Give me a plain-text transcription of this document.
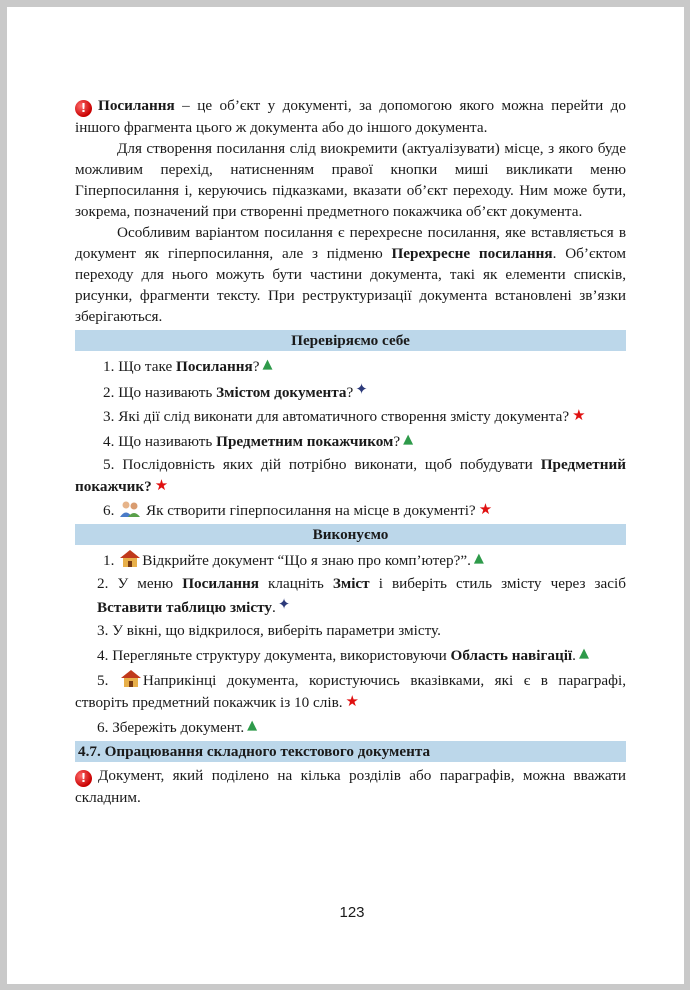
! Посилання – це об’єкт у документі, за допомогою якого можна перейти до іншого фрагмента цього ж документа або до іншого документа.

Для створення посилання слід виокремити (актуалізувати) місце, з якого буде можливим перехід, натисненням правої кнопки миші викликати меню Гіперпосилання і, керуючись підказками, вказати об’єкт переходу. Ним може бути, зокрема, позначений при створенні предметного покажчика об’єкт документа.

Особливим варіантом посилання є перехресне посилання, яке вставляється в документ як гіперпосилання, але з підменю Перехресне посилання. Об’єктом переходу для нього можуть бути частини документа, такі як елементи списків, рисунки, фрагменти тексту. При реструктуризації документа встановлені зв’язки зберігаються.

Перевіряємо себе
1. Що таке Посилання? ▲
2. Що називають Змістом документа? ✦
3. Які дії слід виконати для автоматичного створення змісту документа? ★
4. Що називають Предметним покажчиком? ▲
5. Послідовність яких дій потрібно виконати, щоб побудувати Предметний покажчик? ★
6. Як створити гіперпосилання на місце в документі? ★
Виконуємо
1. Відкрийте документ “Що я знаю про комп’ютер?”. ▲
2. У меню Посилання клацніть Зміст і виберіть стиль змісту через засіб Вставити таблицю змісту. ✦
3. У вікні, що відкрилося, виберіть параметри змісту.
4. Перегляньте структуру документа, використовуючи Область навігації. ▲
5. Наприкінці документа, користуючись вказівками, які є в параграфі, створіть предметний покажчик із 10 слів. ★
6. Збережіть документ. ▲
4.7. Опрацювання складного текстового документа

! Документ, який поділено на кілька розділів або параграфів, можна вважати складним.

123
